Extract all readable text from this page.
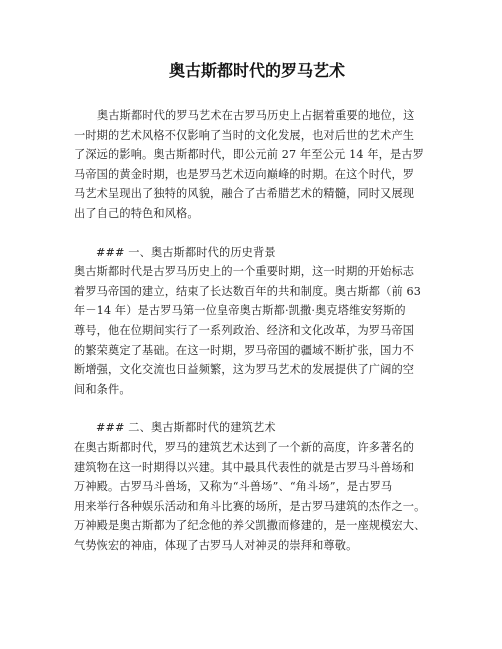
奥古斯都时代的罗马艺术
奥古斯都时代的罗马艺术在古罗马历史上占据着重要的地位，这
一时期的艺术风格不仅影响了当时的文化发展，也对后世的艺术产生
了深远的影响。奥古斯都时代，即公元前 27 年至公元 14 年，是古罗
马帝国的黄金时期，也是罗马艺术迈向巅峰的时期。在这个时代，罗
马艺术呈现出了独特的风貌，融合了古希腊艺术的精髓，同时又展现
出了自己的特色和风格。
### 一、奥古斯都时代的历史背景
奥古斯都时代是古罗马历史上的一个重要时期，这一时期的开始标志
着罗马帝国的建立，结束了长达数百年的共和制度。奥古斯都（前 63
年－14 年）是古罗马第一位皇帝奥古斯都·凯撒·奥克塔维安努斯的
尊号，他在位期间实行了一系列政治、经济和文化改革，为罗马帝国
的繁荣奠定了基础。在这一时期，罗马帝国的疆域不断扩张，国力不
断增强，文化交流也日益频繁，这为罗马艺术的发展提供了广阔的空
间和条件。
### 二、奥古斯都时代的建筑艺术
在奥古斯都时代，罗马的建筑艺术达到了一个新的高度，许多著名的
建筑物在这一时期得以兴建。其中最具代表性的就是古罗马斗兽场和
万神殿。古罗马斗兽场，又称为“斗兽场”、“角斗场”，是古罗马
用来举行各种娱乐活动和角斗比赛的场所，是古罗马建筑的杰作之一。
万神殿是奥古斯都为了纪念他的养父凯撒而修建的，是一座规模宏大、
气势恢宏的神庙，体现了古罗马人对神灵的崇拜和尊敬。
